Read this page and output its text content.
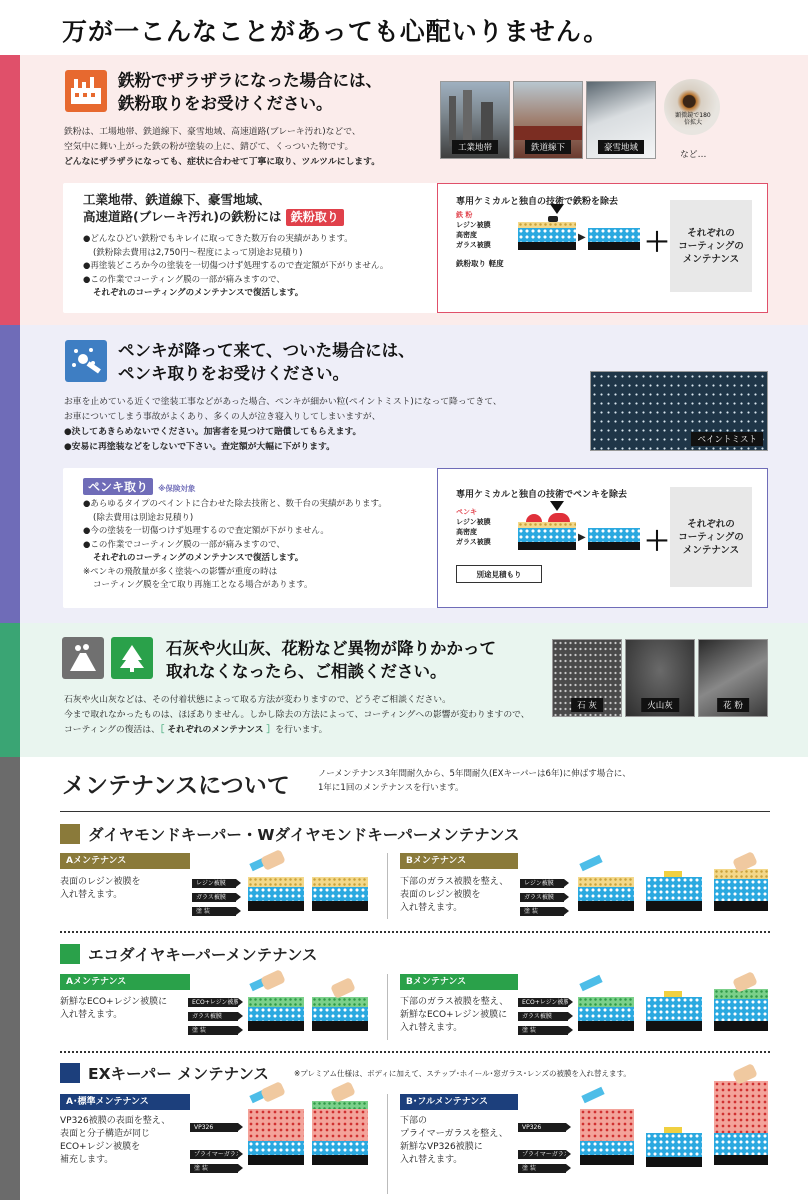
万が一こんなことがあっても心配いりません。
鉄粉でザラザラになった場合には、
鉄粉取りをお受けください。
鉄粉は、工場地帯、鉄道線下、豪雪地域、高速道路(ブレーキ汚れ)などで、
空気中に舞い上がった鉄の粉が塗装の上に、錆びて、くっついた物です。
どんなにザラザラになっても、症状に合わせて丁寧に取り、ツルツルにします。
工業地帯	鉄道線下	豪雪地域
顕微鏡で180倍拡大
など…
工業地帯、鉄道線下、豪雪地域、
高速道路(ブレーキ汚れ)の鉄粉には 鉄粉取り
●どんなひどい鉄粉でもキレイに取ってきた数万台の実績があります。
(鉄粉除去費用は2,750円～程度によって別途お見積り)
●再塗装どころか今の塗装を一切傷つけず処理するので査定額が下がりません。
●この作業でコーティング膜の一部が痛みますので、
それぞれのコーティングのメンテナンスで復活します。
専用ケミカルと独自の技術で鉄粉を除去
鉄 粉
レジン被膜
高密度
ガラス被膜
▶
鉄粉取り 軽度
＋	それぞれの
コーティングの
メンテナンス
ペンキが降って来て、ついた場合には、
ペンキ取りをお受けください。
お車を止めている近くで塗装工事などがあった場合、ペンキが細かい粒(ペイントミスト)になって降ってきて、
お車についてしまう事故がよくあり、多くの人が泣き寝入りしてしまいますが、
●決してあきらめないでください。加害者を見つけて賠償してもらえます。
●安易に再塗装などをしないで下さい。査定額が大幅に下がります。
ペイントミスト
ペンキ取り ※保険対象
●あらゆるタイプのペイントに合わせた除去技術と、数千台の実績があります。
(除去費用は別途お見積り)
●今の塗装を一切傷つけず処理するので査定額が下がりません。
●この作業でコーティング膜の一部が痛みますので、
それぞれのコーティングのメンテナンスで復活します。
※ペンキの飛散量が多く塗装への影響が重度の時は
コーティング膜を全て取り再施工となる場合があります。
専用ケミカルと独自の技術でペンキを除去
ペンキ
レジン被膜
高密度
ガラス被膜	▶
別途見積もり
＋
それぞれの
コーティングの
メンテナンス
石灰や火山灰、花粉など異物が降りかかって
取れなくなったら、ご相談ください。
石灰や火山灰などは、その付着状態によって取る方法が変わりますので、どうぞご相談ください。
今まで取れなかったものは、ほぼありません。しかし除去の方法によって、コーティングへの影響が変わりますので、
コーティングの復活は、［ それぞれのメンテナンス ］を行います。
石 灰	火山灰	花 粉
メンテナンスについて	ノーメンテナンス3年間耐久から、5年間耐久(EXキーパーは6年)に伸ばす場合に、
1年に1回のメンテナンスを行います。
ダイヤモンドキーパー・Wダイヤモンドキーパーメンテナンス
Aメンテナンス
表面のレジン被膜を
入れ替えます。
レジン被膜
ガラス被膜
塗 装
Bメンテナンス
下部のガラス被膜を整え、
表面のレジン被膜を
入れ替えます。
レジン被膜
ガラス被膜
塗 装
エコダイヤキーパーメンテナンス
Aメンテナンス
新鮮なECO+レジン被膜に
入れ替えます。
ECO+レジン被膜
ガラス被膜
塗 装
Bメンテナンス
下部のガラス被膜を整え、
新鮮なECO+レジン被膜に
入れ替えます。
ECO+レジン被膜
ガラス被膜
塗 装
EXキーパー メンテナンス	※プレミアム仕様は、ボディに加えて、ステップ･ホイール･窓ガラス･レンズの被膜を入れ替えます。
A･標準メンテナンス
VP326被膜の表面を整え、
表面と分子構造が同じ
ECO+レジン被膜を
補充します。
VP326
プライマーガラス
塗 装
B･フルメンテナンス
下部の
プライマーガラスを整え、
新鮮なVP326被膜に
入れ替えます。
VP326
プライマーガラス
塗 装
